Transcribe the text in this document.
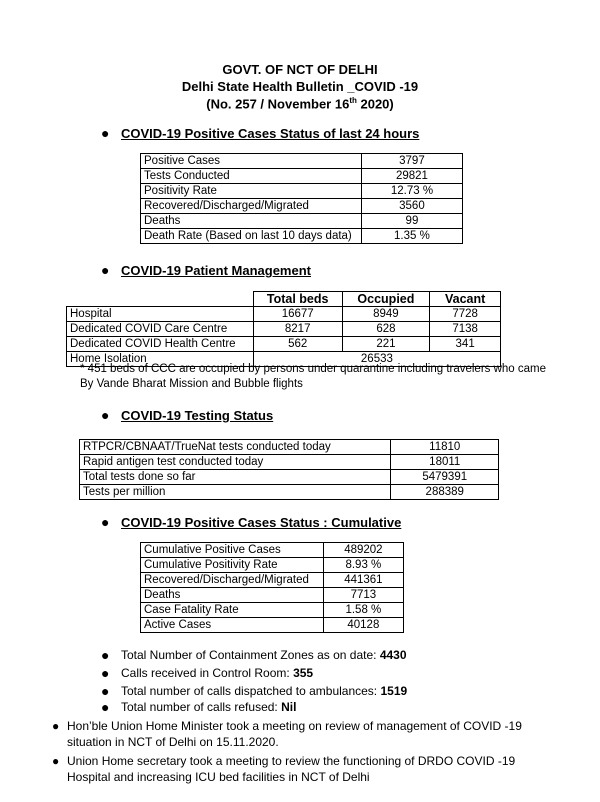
GOVT. OF NCT OF DELHI
Delhi State Health Bulletin _COVID -19
(No. 257 / November 16th 2020)
● COVID-19 Positive Cases Status of last 24 hours
Positive Cases	3797
Tests Conducted	29821
Positivity Rate	12.73 %
Recovered/Discharged/Migrated	3560
Deaths	99
Death Rate (Based on last 10 days data)	1.35 %
● COVID-19 Patient Management
	Total beds	Occupied	Vacant
Hospital	16677	8949	7728
Dedicated COVID Care Centre	8217	628	7138
Dedicated COVID Health Centre	562	221	341
Home Isolation	26533		
* 451 beds of CCC are occupied by persons under quarantine including travelers who came
By Vande Bharat Mission and Bubble flights
● COVID-19 Testing Status
RTPCR/CBNAAT/TrueNat tests conducted today	11810
Rapid antigen test conducted today	18011
Total tests done so far	5479391
Tests per million	288389
● COVID-19 Positive Cases Status : Cumulative
Cumulative Positive Cases	489202
Cumulative Positivity Rate	8.93 %
Recovered/Discharged/Migrated	441361
Deaths	7713
Case Fatality Rate	1.58 %
Active Cases	40128
● Total Number of Containment Zones as on date: 4430
● Calls received in Control Room: 355
● Total number of calls dispatched to ambulances: 1519
● Total number of calls refused: Nil
● Hon’ble Union Home Minister took a meeting on review of management of COVID -19
situation in NCT of Delhi on 15.11.2020.
● Union Home secretary took a meeting to review the functioning of DRDO COVID -19
Hospital and increasing ICU bed facilities in NCT of Delhi
